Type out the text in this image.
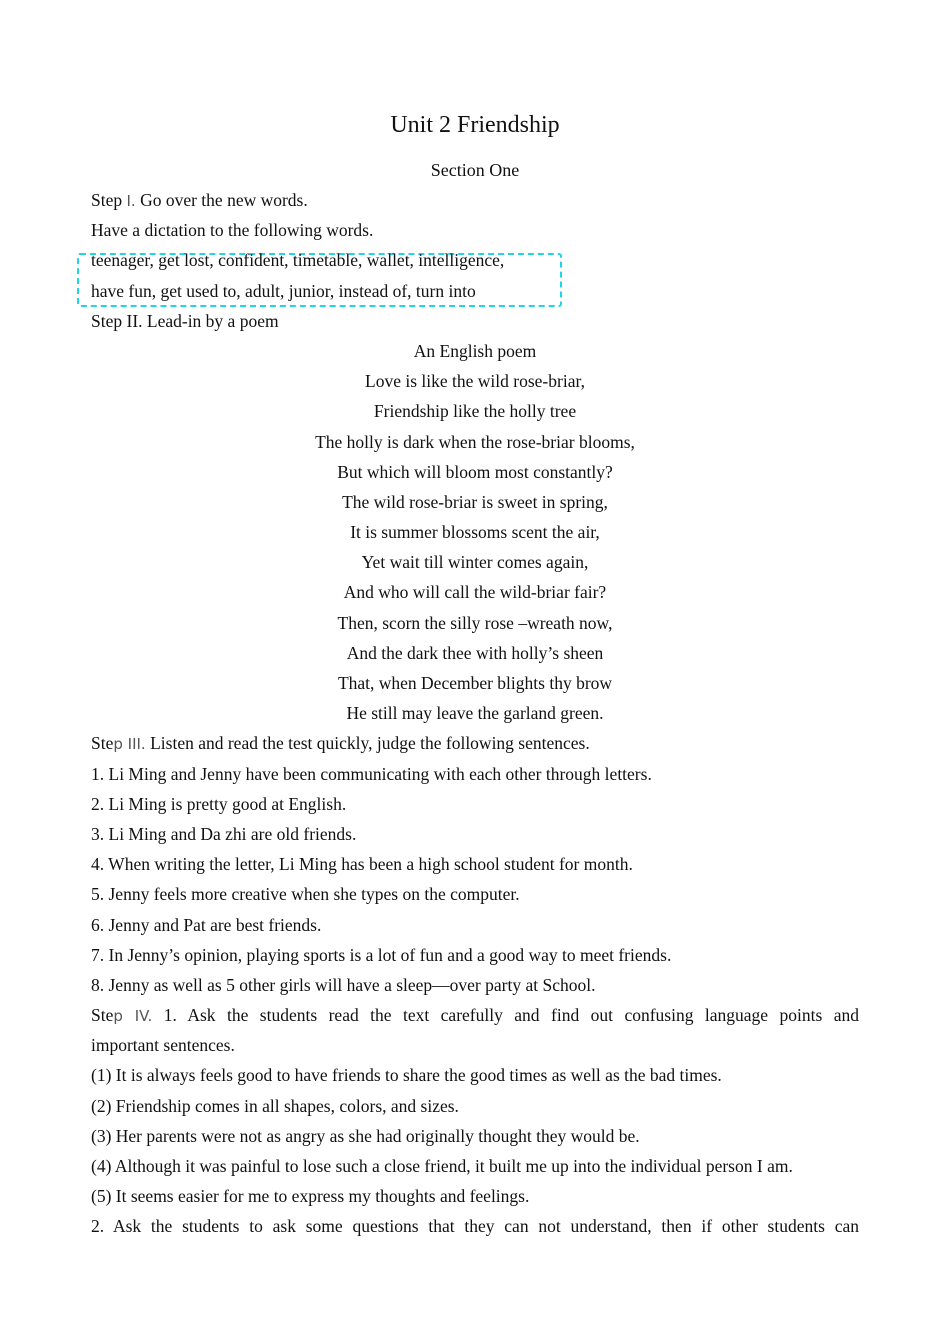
Unit 2 Friendship
Section One
Step Ⅰ. Go over the new words.
Have a dictation to the following words.
teenager, get lost, confident, timetable, wallet, intelligence,
have fun, get used to, adult, junior, instead of, turn into
Step II. Lead-in by a poem
An English poem
Love is like the wild rose-briar,
Friendship like the holly tree
The holly is dark when the rose-briar blooms,
But which will bloom most constantly?
The wild rose-briar is sweet in spring,
It is summer blossoms scent the air,
Yet wait till winter comes again,
And who will call the wild-briar fair?
Then, scorn the silly rose –wreath now,
And the dark thee with holly’s sheen
That, when December blights thy brow
He still may leave the garland green.
Step III. Listen and read the test quickly, judge the following sentences.
1. Li Ming and Jenny have been communicating with each other through letters.
2. Li Ming is pretty good at English.
3. Li Ming and Da zhi are old friends.
4. When writing the letter, Li Ming has been a high school student for month.
5. Jenny feels more creative when she types on the computer.
6. Jenny and Pat are best friends.
7. In Jenny’s opinion, playing sports is a lot of fun and a good way to meet friends.
8. Jenny as well as 5 other girls will have a sleep—over party at School.
Step IV. 1. Ask the students read the text carefully and find out confusing language points and
important sentences.
(1) It is always feels good to have friends to share the good times as well as the bad times.
(2) Friendship comes in all shapes, colors, and sizes.
(3) Her parents were not as angry as she had originally thought they would be.
(4) Although it was painful to lose such a close friend, it built me up into the individual person I am.
(5) It seems easier for me to express my thoughts and feelings.
2. Ask the students to ask some questions that they can not understand, then if other students can
